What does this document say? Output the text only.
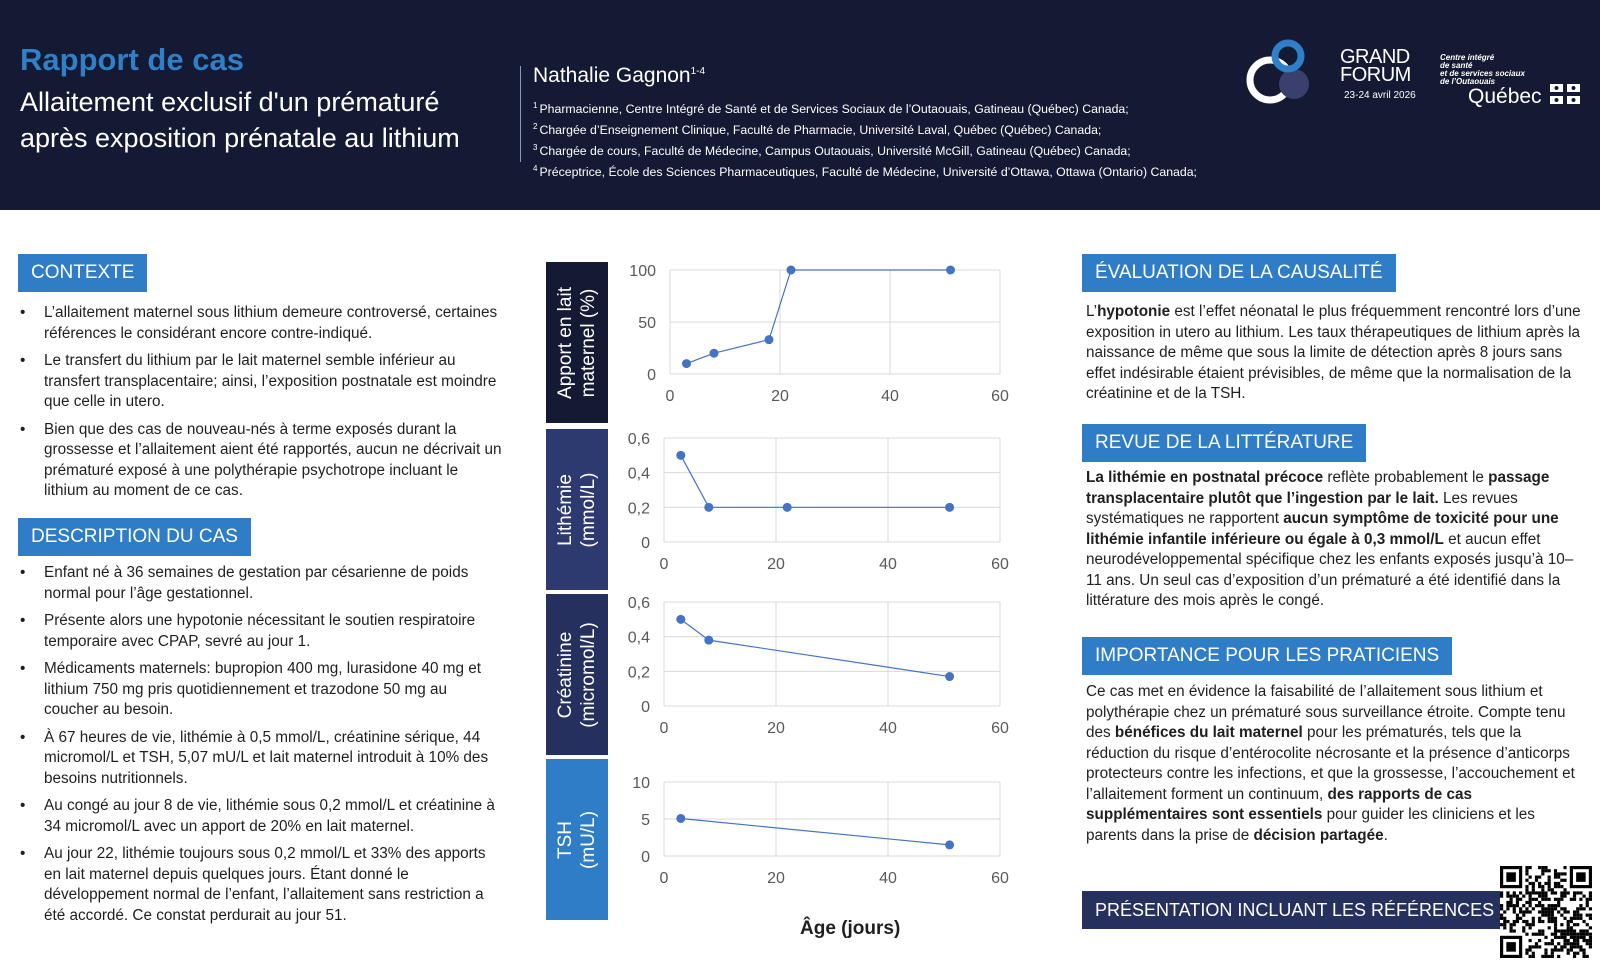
Rapport de cas
Allaitement exclusif d'un prématuré
après exposition prénatale au lithium
Nathalie Gagnon$^{1-4}$
$^1$ Pharmacienne, Centre Intégré de Santé et de Services Sociaux de l’Outaouais, Gatineau (Québec) Canada;
$^2$ Chargée d’Enseignement Clinique, Faculté de Pharmacie, Université Laval, Québec (Québec) Canada;
$^3$ Chargée de cours, Faculté de Médecine, Campus Outaouais, Université McGill, Gatineau (Québec) Canada;
$^4$ Préceptrice, École des Sciences Pharmaceutiques, Faculté de Médecine, Université d’Ottawa, Ottawa (Ontario) Canada;
GRAND
FORUM
23-24 avril 2026
Centre intégré
de santé
et de services sociaux
de l’Outaouais
Québec
CONTEXTE
• L’allaitement maternel sous lithium demeure controversé, certaines références le considérant encore contre-indiqué.
• Le transfert du lithium par le lait maternel semble inférieur au transfert transplacentaire; ainsi, l’exposition postnatale est moindre que celle in utero.
• Bien que des cas de nouveau-nés à terme exposés durant la grossesse et l’allaitement aient été rapportés, aucun ne décrivait un prématuré exposé à une polythérapie psychotrope incluant le lithium au moment de ce cas.
DESCRIPTION DU CAS
• Enfant né à 36 semaines de gestation par césarienne de poids normal pour l’âge gestationnel.
• Présente alors une hypotonie nécessitant le soutien respiratoire temporaire avec CPAP, sevré au jour 1.
• Médicaments maternels: bupropion 400 mg, lurasidone 40 mg et lithium 750 mg pris quotidiennement et trazodone 50 mg au coucher au besoin.
• À 67 heures de vie, lithémie à 0,5 mmol/L, créatinine sérique, 44 micromol/L et TSH, 5,07 mU/L et lait maternel introduit à 10% des besoins nutritionnels.
• Au congé au jour 8 de vie, lithémie sous 0,2 mmol/L et créatinine à 34 micromol/L avec un apport de 20% en lait maternel.
• Au jour 22, lithémie toujours sous 0,2 mmol/L et 33% des apports en lait maternel depuis quelques jours. Étant donné le développement normal de l’enfant, l’allaitement sans restriction a été accordé. Ce constat perdurait au jour 51.
Apport en lait maternel (%)
Lithémie (mmol/L)
Créatinine (micromol/L)
TSH (mU/L)
0
50
100
0	20	40	60
0
0,2
0,4
0,6
0	20	40	60
0
0,2
0,4
0,6
0	20	40	60
0
5
10
0	20	40	60
Âge (jours)
ÉVALUATION DE LA CAUSALITÉ

L’hypotonie est l’effet néonatal le plus fréquemment rencontré lors d’une exposition in utero au lithium. Les taux thérapeutiques de lithium après la naissance de même que sous la limite de détection après 8 jours sans effet indésirable étaient prévisibles, de même que la normalisation de la créatinine et de la TSH.

REVUE DE LA LITTÉRATURE

La lithémie en postnatal précoce reflète probablement le passage transplacentaire plutôt que l’ingestion par le lait. Les revues systématiques ne rapportent aucun symptôme de toxicité pour une lithémie infantile inférieure ou égale à 0,3 mmol/L et aucun effet neurodéveloppemental spécifique chez les enfants exposés jusqu’à 10–11 ans. Un seul cas d’exposition d’un prématuré a été identifié dans la littérature des mois après le congé.

IMPORTANCE POUR LES PRATICIENS

Ce cas met en évidence la faisabilité de l’allaitement sous lithium et polythérapie chez un prématuré sous surveillance étroite. Compte tenu des bénéfices du lait maternel pour les prématurés, tels que la réduction du risque d’entérocolite nécrosante et la présence d’anticorps protecteurs contre les infections, et que la grossesse, l’accouchement et l’allaitement forment un continuum, des rapports de cas supplémentaires sont essentiels pour guider les cliniciens et les parents dans la prise de décision partagée.

PRÉSENTATION INCLUANT LES RÉFÉRENCES
